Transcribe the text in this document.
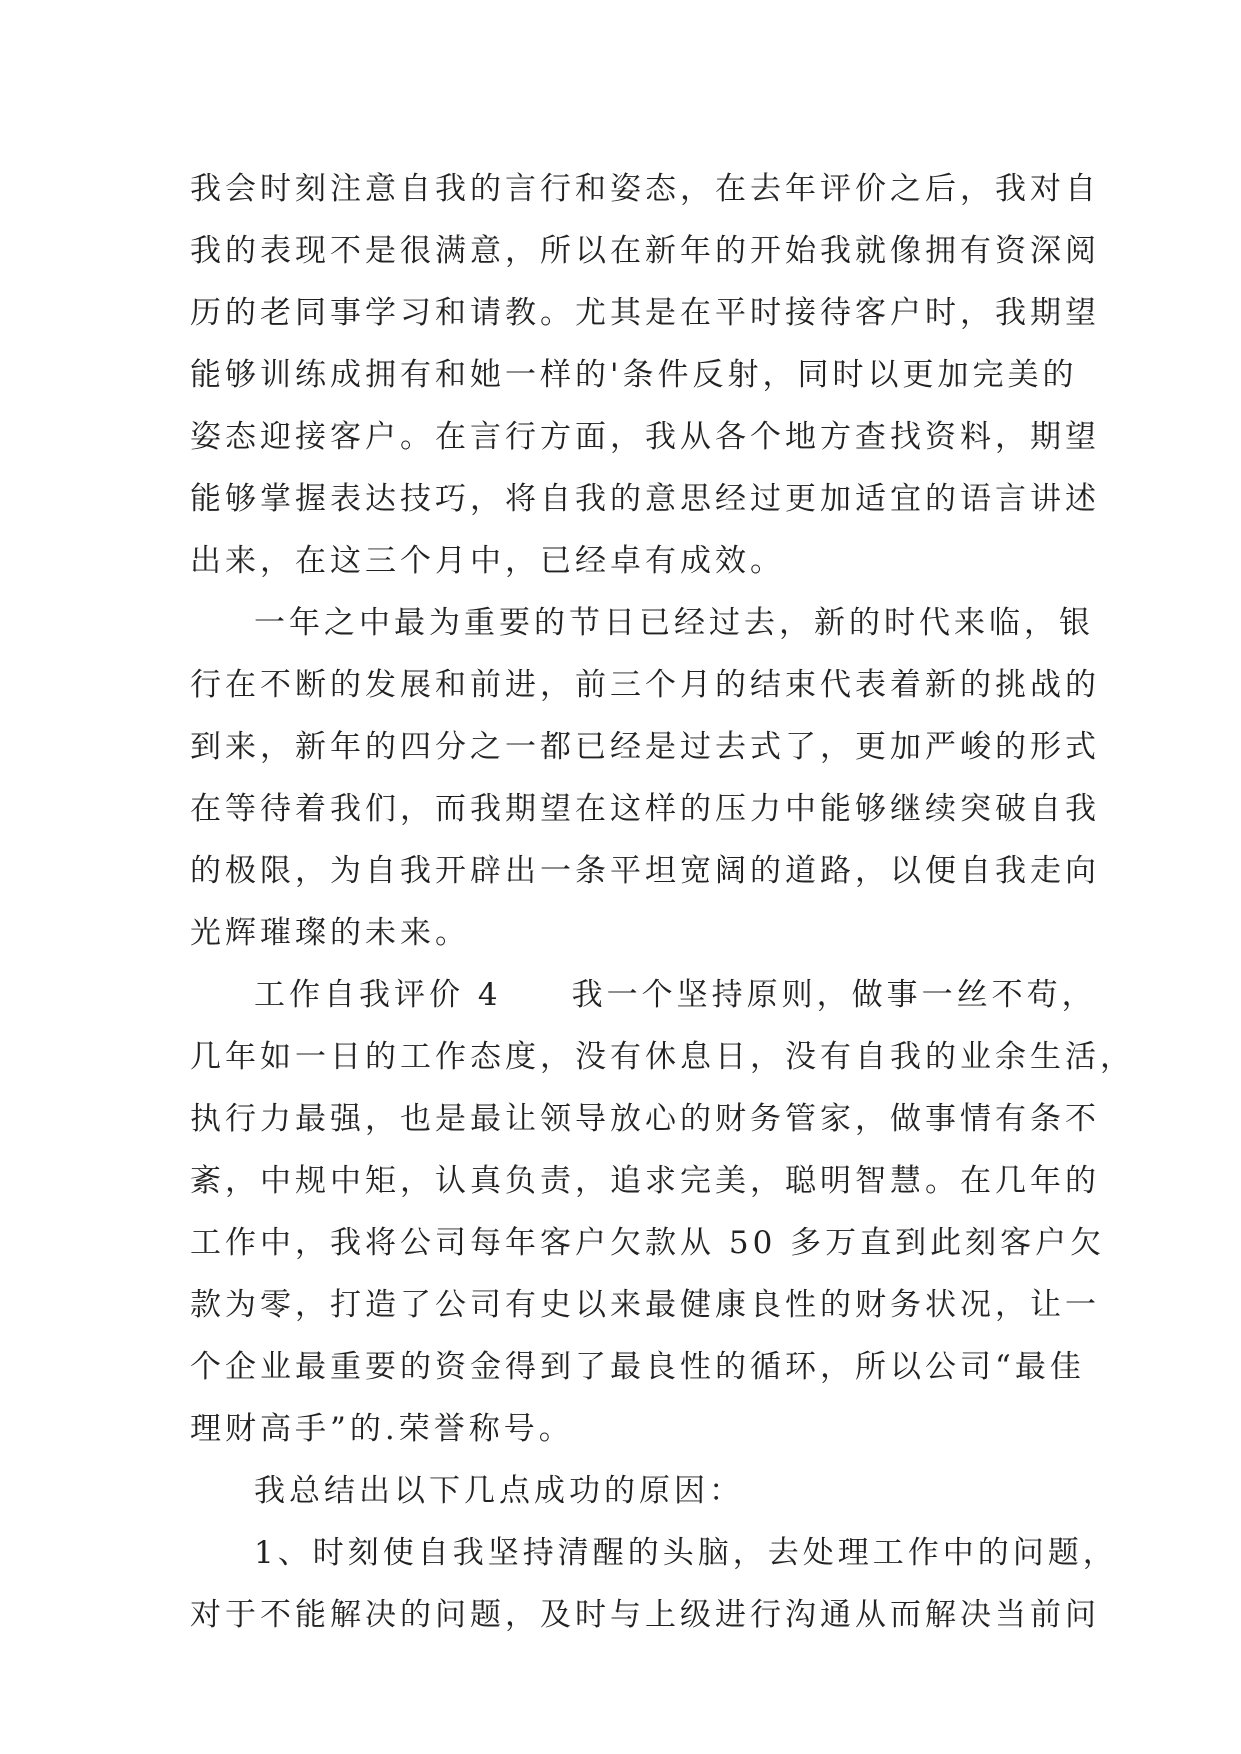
我会时刻注意自我的言行和姿态，在去年评价之后，我对自
我的表现不是很满意，所以在新年的开始我就像拥有资深阅
历的老同事学习和请教。尤其是在平时接待客户时，我期望
能够训练成拥有和她一样的'条件反射，同时以更加完美的
姿态迎接客户。在言行方面，我从各个地方查找资料，期望
能够掌握表达技巧，将自我的意思经过更加适宜的语言讲述
出来，在这三个月中，已经卓有成效。
一年之中最为重要的节日已经过去，新的时代来临，银
行在不断的发展和前进，前三个月的结束代表着新的挑战的
到来，新年的四分之一都已经是过去式了，更加严峻的形式
在等待着我们，而我期望在这样的压力中能够继续突破自我
的极限，为自我开辟出一条平坦宽阔的道路，以便自我走向
光辉璀璨的未来。
工作自我评价 4　　我一个坚持原则，做事一丝不苟，
几年如一日的工作态度，没有休息日，没有自我的业余生活，
执行力最强，也是最让领导放心的财务管家，做事情有条不
紊，中规中矩，认真负责，追求完美，聪明智慧。在几年的
工作中，我将公司每年客户欠款从 50 多万直到此刻客户欠
款为零，打造了公司有史以来最健康良性的财务状况，让一
个企业最重要的资金得到了最良性的循环，所以公司“最佳
理财高手”的.荣誉称号。
我总结出以下几点成功的原因：
1、时刻使自我坚持清醒的头脑，去处理工作中的问题，
对于不能解决的问题，及时与上级进行沟通从而解决当前问
